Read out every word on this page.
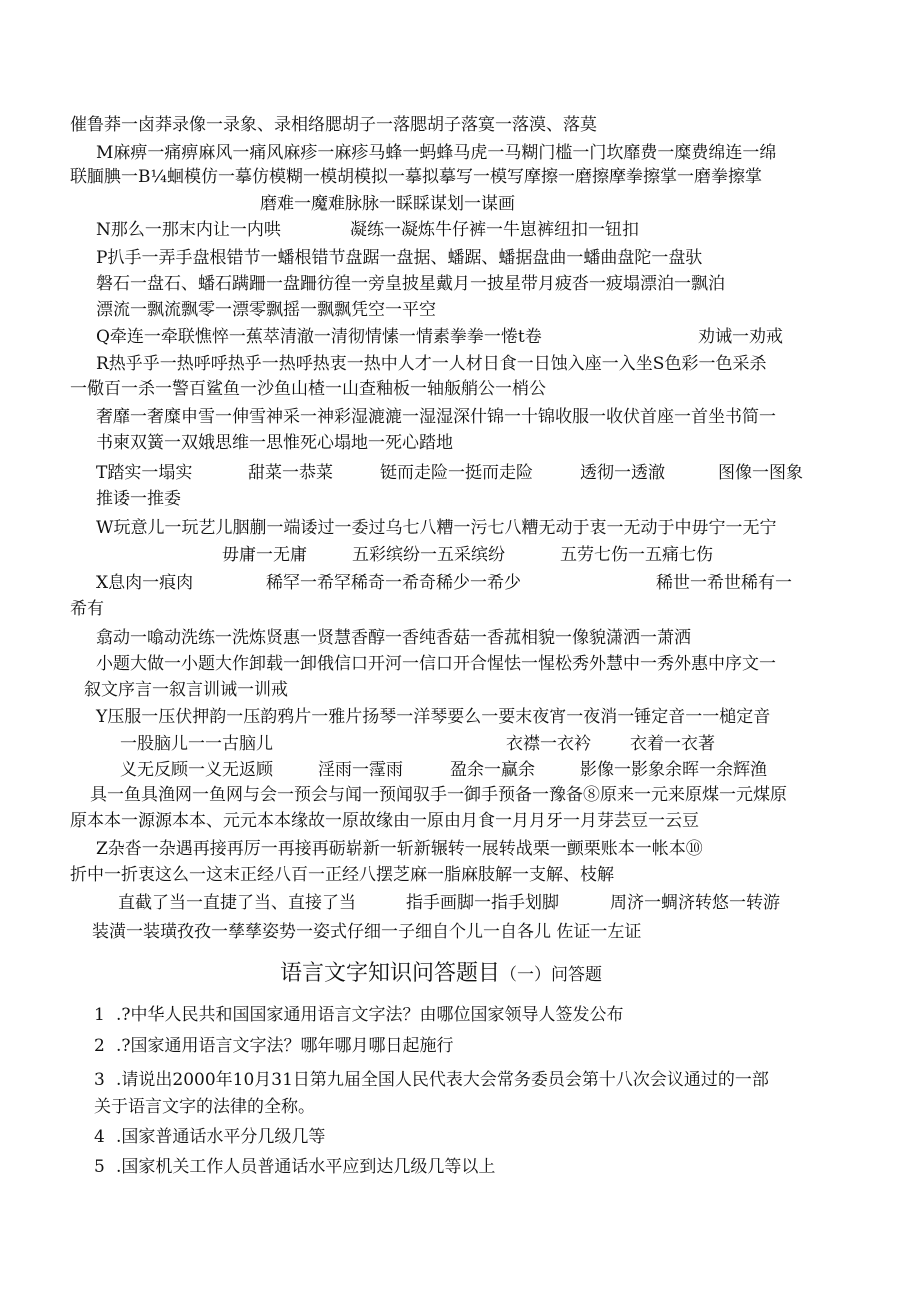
催鲁莽一卤莽录像一录象、录相络腮胡子一落腮胡子落寞一落漠、落莫
M麻痹一痛痹麻风一痛风麻疹一麻疹马蜂一蚂蜂马虎一马糊门槛一门坎靡费一糜费绵连一绵
联腼腆一B¼蛔模仿一摹仿模糊一模胡模拟一摹拟摹写一模写摩擦一磨擦摩拳擦掌一磨拳擦掌
磨难一魔难脉脉一睬睬谋划一谋画
N那么一那末内让一内哄	凝练一凝炼牛仔裤一牛崽裤纽扣一钮扣
P扒手一弄手盘根错节一蟠根错节盘踞一盘据、蟠踞、蟠据盘曲一蟠曲盘陀一盘驮
磐石一盘石、蟠石蹒跚一盘跚彷徨一旁皇披星戴月一披星带月疲沓一疲塌漂泊一飘泊
漂流一飘流飘零一漂零飘摇一飘飘凭空一平空
Q牵连一牵联憔悴一蕉萃清澈一清彻情愫一情素拳拳一惓t卷	劝诫一劝戒
R热乎乎一热呼呼热乎一热呼热衷一热中人才一人材日食一日蚀入座一入坐S色彩一色采杀
一儆百一杀一警百鲨鱼一沙鱼山楂一山查釉板一轴舨艄公一梢公
奢靡一奢糜申雪一伸雪神采一神彩湿漉漉一湿湿深什锦一十锦收服一收伏首座一首坐书简一
书柬双簧一双娥思维一思惟死心塌地一死心踏地
T踏实一塌实	甜菜一恭菜	铤而走险一挺而走险	透彻一透澈	图像一图象
推诿一推委
W玩意儿一玩艺儿胭蒯一端诿过一委过乌七八糟一污七八糟无动于衷一无动于中毋宁一无宁
毋庸一无庸	五彩缤纷一五采缤纷	五劳七伤一五痛七伤
X息肉一痕肉	稀罕一希罕稀奇一希奇稀少一希少	稀世一希世稀有一
希有
翕动一噏动洗练一洗炼贤惠一贤慧香醇一香纯香菇一香菰相貌一像貌潇洒一萧洒
小题大做一小题大作卸载一卸俄信口开河一信口开合惺怯一惺松秀外慧中一秀外惠中序文一
叙文序言一叙言训诫一训戒
Y压服一压伏押韵一压韵鸦片一雅片扬琴一洋琴要么一要末夜宵一夜消一锤定音一一槌定音
一股脑儿一一古脑儿	衣襟一衣衿 衣着一衣著
义无反顾一义无返顾	淫雨一霪雨	盈余一赢余	影像一影象余晖一余辉渔
具一鱼具渔网一鱼网与会一预会与闻一预闻驭手一御手预备一豫备⑧原来一元来原煤一元煤原
原本本一源源本本、元元本本缘故一原故缘由一原由月食一月月牙一月芽芸豆一云豆
Z杂沓一杂遇再接再厉一再接再砺崭新一斩新辗转一展转战栗一颤栗账本一帐本⑩
折中一折衷这么一这末正经八百一正经八摆芝麻一脂麻肢解一支解、枝解
直截了当一直捷了当、直接了当	指手画脚一指手划脚	周济一蜩济转悠一转游
装潢一装璜孜孜一孳孳姿势一姿式仔细一子细自个儿一自各儿 佐证一左证
语言文字知识问答题目（一）问答题
1 .?中华人民共和国国家通用语言文字法？由哪位国家领导人签发公布
2 .?国家通用语言文字法？哪年哪月哪日起施行
3 .请说出2000年10月31日第九届全国人民代表大会常务委员会第十八次会议通过的一部
关于语言文字的法律的全称。
4 .国家普通话水平分几级几等
5 .国家机关工作人员普通话水平应到达几级几等以上
